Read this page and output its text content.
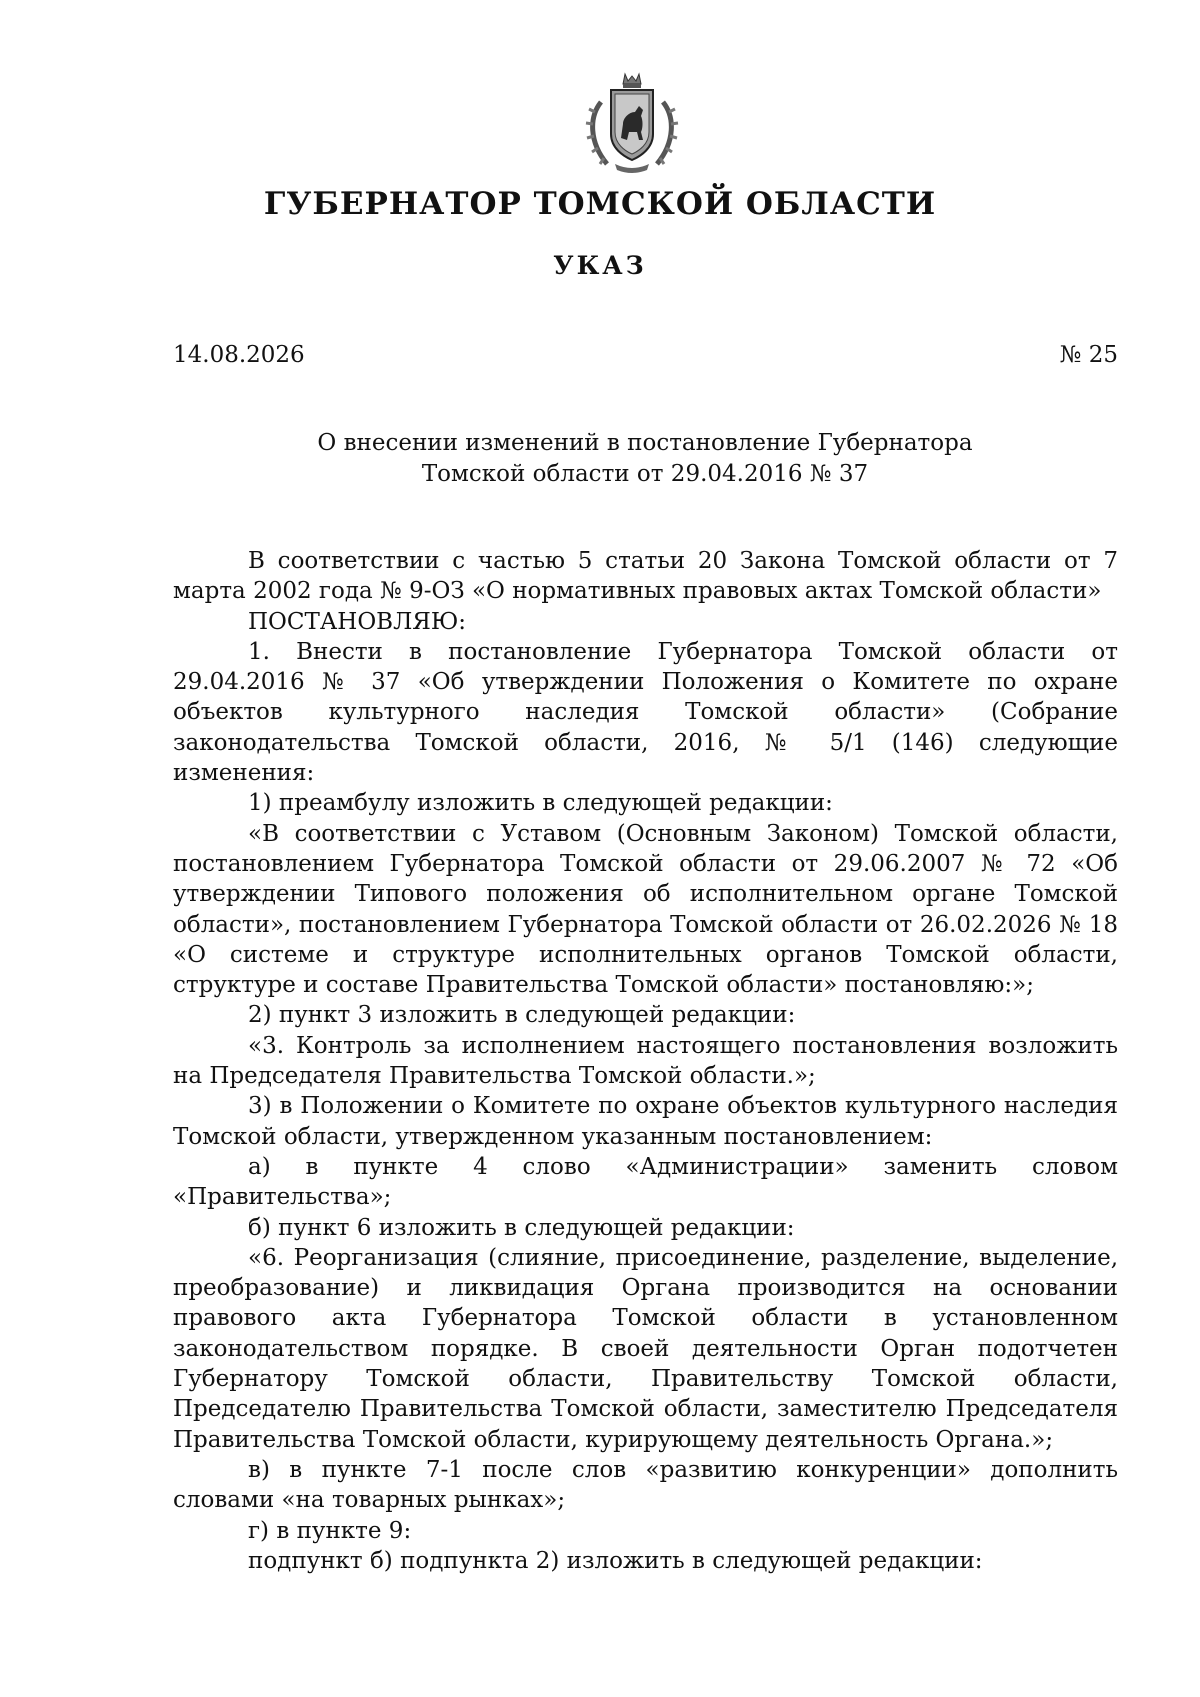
ГУБЕРНАТОР ТОМСКОЙ ОБЛАСТИ
УКАЗ
14.08.2026	№ 25
О внесении изменений в постановление Губернатора
Томской области от 29.04.2016 № 37

В соответствии с частью 5 статьи 20 Закона Томской области от 7 марта 2002 года № 9-ОЗ «О нормативных правовых актах Томской области»

ПОСТАНОВЛЯЮ:

1. Внести в постановление Губернатора Томской области от 29.04.2016 № 37 «Об утверждении Положения о Комитете по охране объектов культурного наследия Томской области» (Собрание законодательства Томской области, 2016, № 5/1 (146) следующие изменения:

1) преамбулу изложить в следующей редакции:

«В соответствии с Уставом (Основным Законом) Томской области, постановлением Губернатора Томской области от 29.06.2007 № 72 «Об утверждении Типового положения об исполнительном органе Томской области», постановлением Губернатора Томской области от 26.02.2026 № 18 «О системе и структуре исполнительных органов Томской области, структуре и составе Правительства Томской области» постановляю:»;

2) пункт 3 изложить в следующей редакции:

«3. Контроль за исполнением настоящего постановления возложить на Председателя Правительства Томской области.»;

3) в Положении о Комитете по охране объектов культурного наследия Томской области, утвержденном указанным постановлением:

а) в пункте 4 слово «Администрации» заменить словом «Правительства»;

б) пункт 6 изложить в следующей редакции:

«6. Реорганизация (слияние, присоединение, разделение, выделение, преобразование) и ликвидация Органа производится на основании правового акта Губернатора Томской области в установленном законодательством порядке. В своей деятельности Орган подотчетен Губернатору Томской области, Правительству Томской области, Председателю Правительства Томской области, заместителю Председателя Правительства Томской области, курирующему деятельность Органа.»;

в) в пункте 7-1 после слов «развитию конкуренции» дополнить словами «на товарных рынках»;

г) в пункте 9:

подпункт б) подпункта 2) изложить в следующей редакции:
